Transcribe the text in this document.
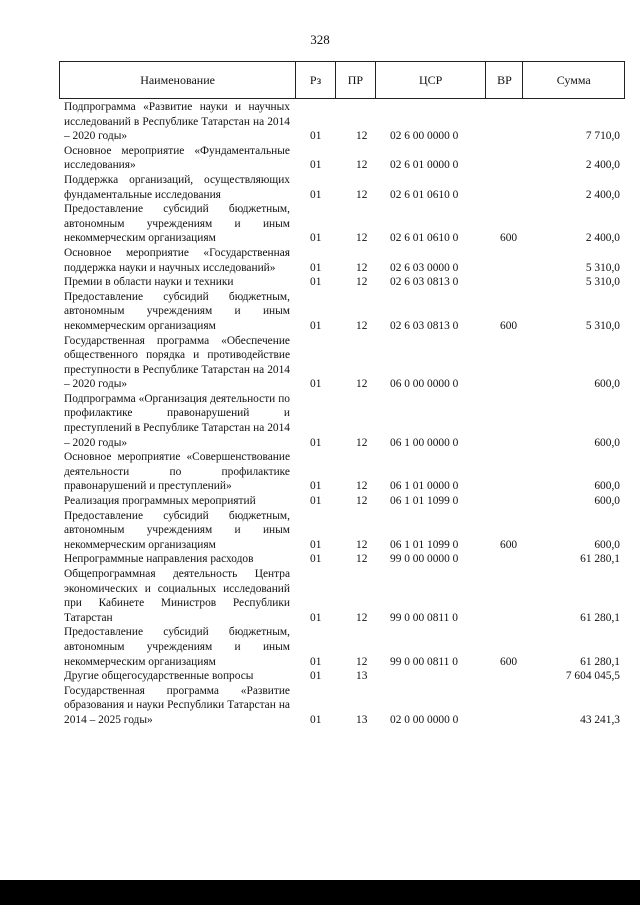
328
Наименование	Рз	ПР	ЦСР	ВР	Сумма
Подпрограмма «Развитие науки и научных исследований в Республике Татарстан на 2014 – 2020 годы»	01	12	02 6 00 0000 0	7 710,0
Основное мероприятие «Фундаментальные исследования»	01	12	02 6 01 0000 0	2 400,0
Поддержка организаций, осуществляющих фундаментальные исследования	01	12	02 6 01 0610 0	2 400,0
Предоставление субсидий бюджетным, автономным учреждениям и иным некоммерческим организациям	01	12	02 6 01 0610 0	600	2 400,0
Основное мероприятие «Государственная поддержка науки и научных исследований»	01	12	02 6 03 0000 0	5 310,0
Премии в области науки и техники	01	12	02 6 03 0813 0	5 310,0
Предоставление субсидий бюджетным, автономным учреждениям и иным некоммерческим организациям	01	12	02 6 03 0813 0	600	5 310,0
Государственная программа «Обеспечение общественного порядка и противодействие преступности в Республике Татарстан на 2014 – 2020 годы»	01	12	06 0 00 0000 0	600,0
Подпрограмма «Организация деятельности по профилактике правонарушений и преступлений в Республике Татарстан на 2014 – 2020 годы»	01	12	06 1 00 0000 0	600,0
Основное мероприятие «Совершенствование деятельности по профилактике правонарушений и преступлений»	01	12	06 1 01 0000 0	600,0
Реализация программных мероприятий	01	12	06 1 01 1099 0	600,0
Предоставление субсидий бюджетным, автономным учреждениям и иным некоммерческим организациям	01	12	06 1 01 1099 0	600	600,0
Непрограммные направления расходов	01	12	99 0 00 0000 0	61 280,1
Общепрограммная деятельность Центра экономических и социальных исследований при Кабинете Министров Республики Татарстан	01	12	99 0 00 0811 0	61 280,1
Предоставление субсидий бюджетным, автономным учреждениям и иным некоммерческим организациям	01	12	99 0 00 0811 0	600	61 280,1
Другие общегосударственные вопросы	01	13	7 604 045,5
Государственная программа «Развитие образования и науки Республики Татарстан на 2014 – 2025 годы»	01	13	02 0 00 0000 0	43 241,3
